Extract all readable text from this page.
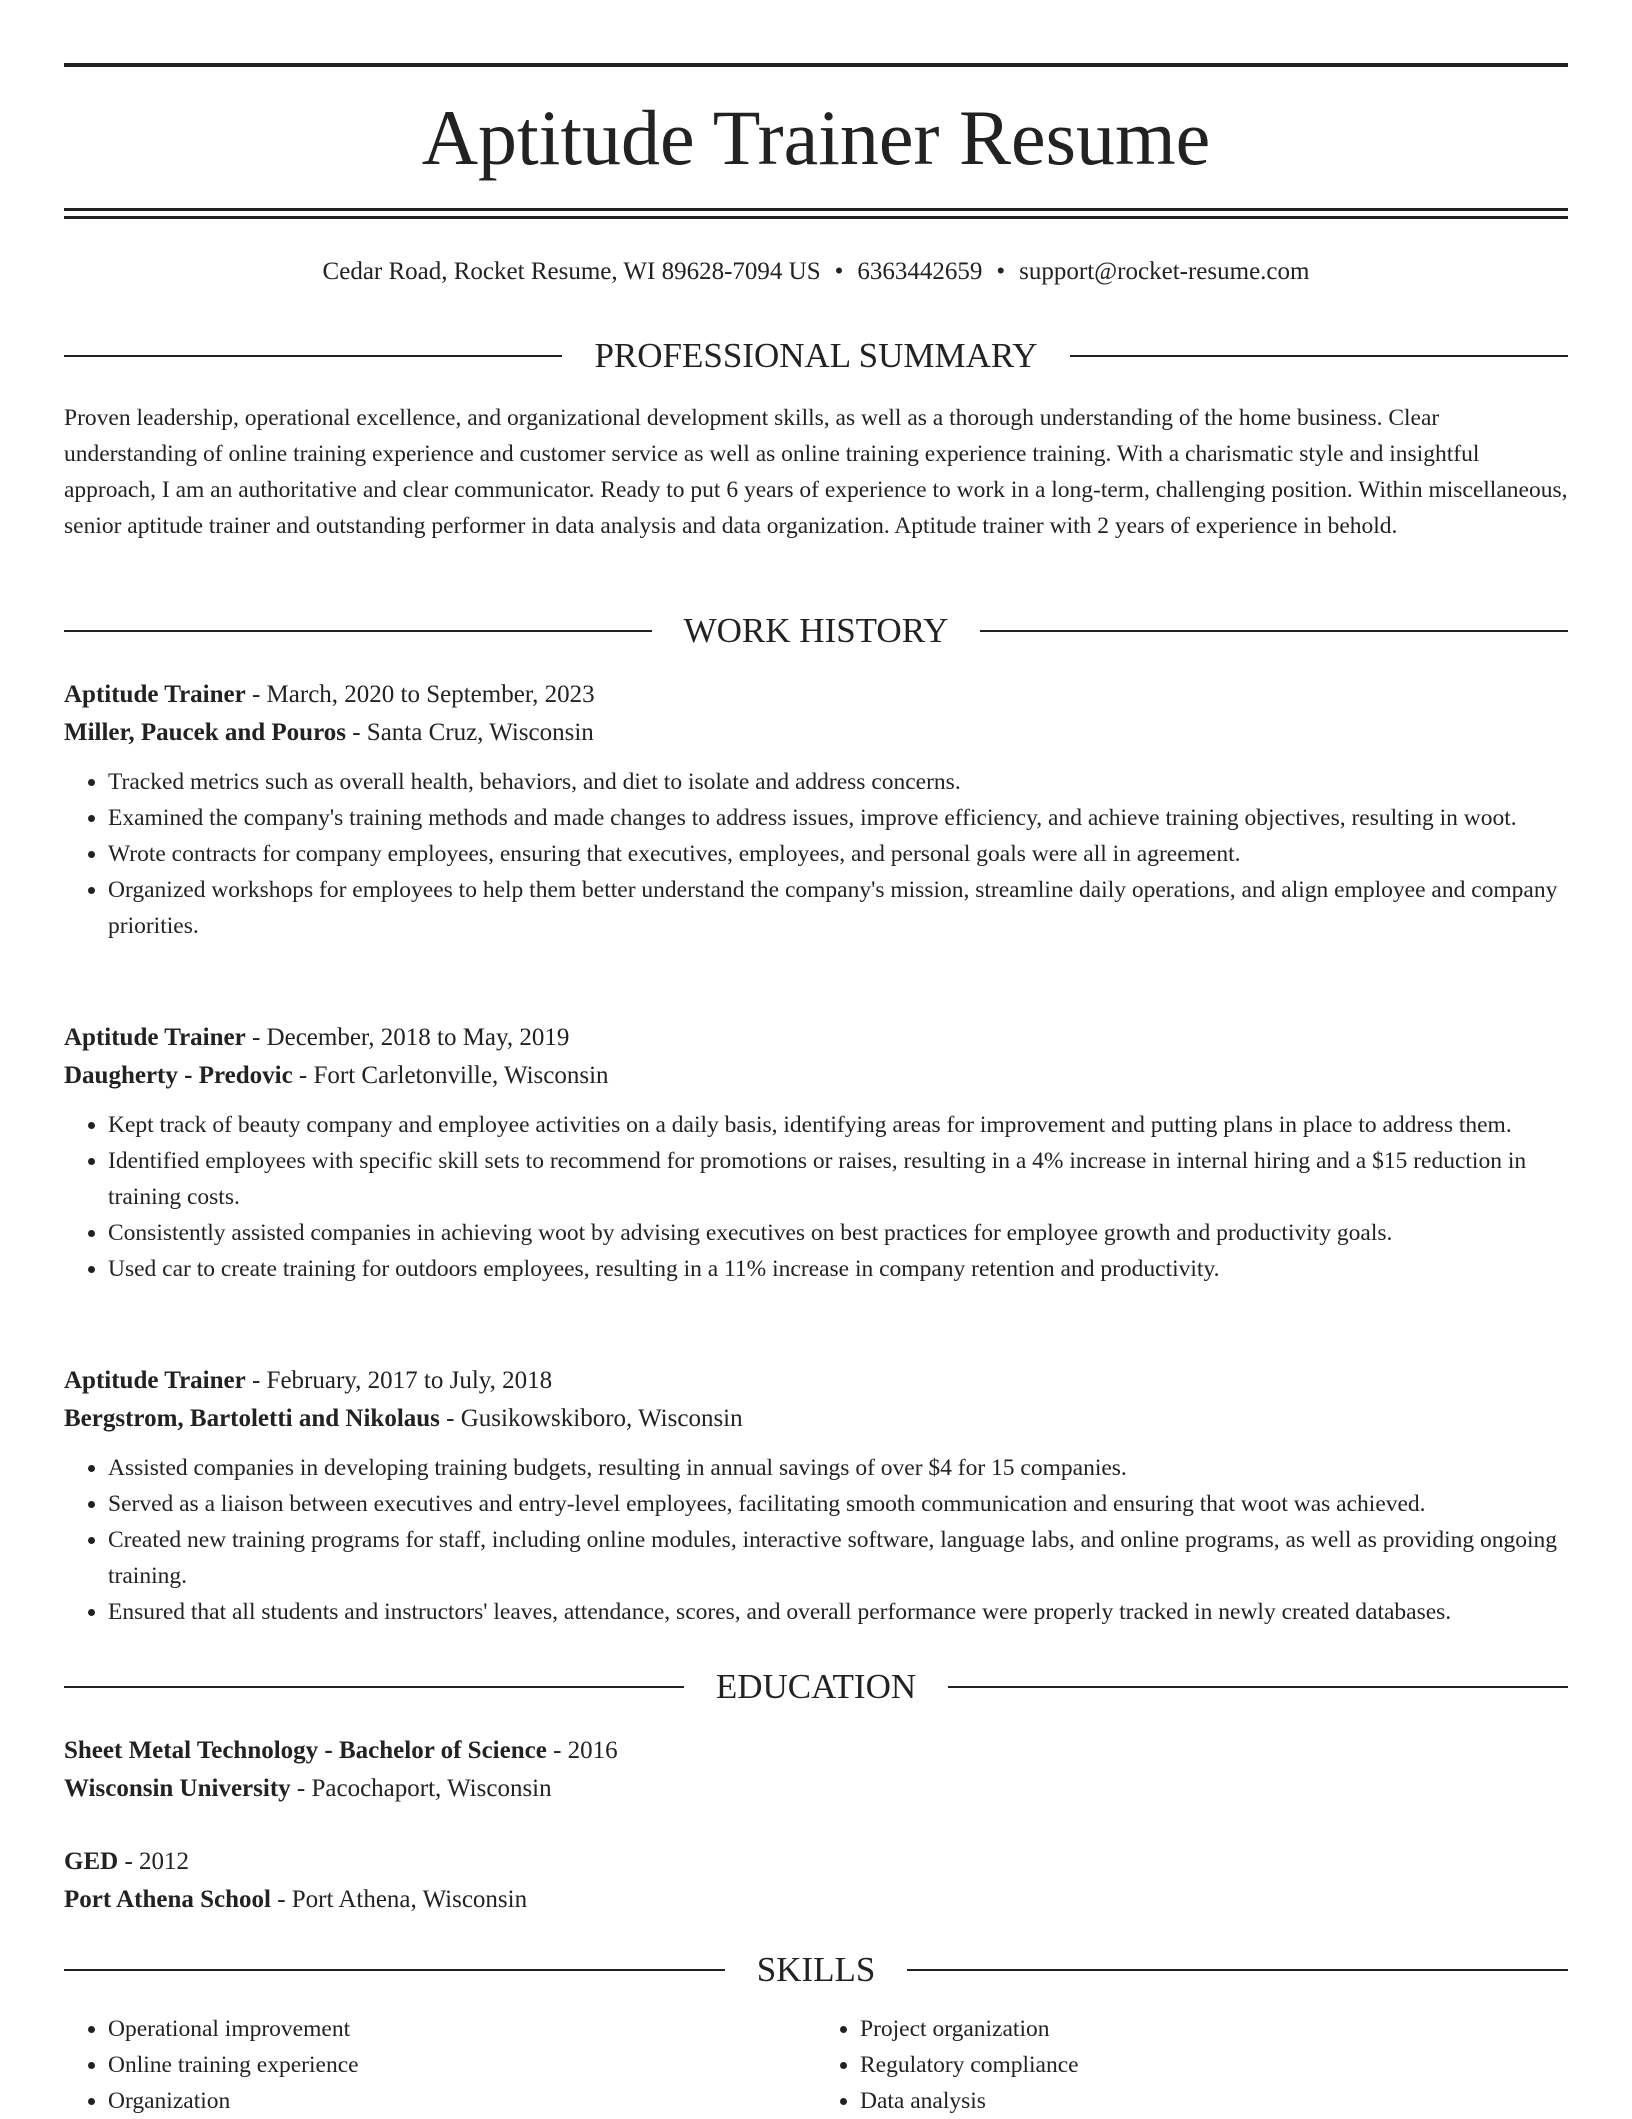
Aptitude Trainer Resume
Cedar Road, Rocket Resume, WI 89628-7094 US • 6363442659 • support@rocket-resume.com
PROFESSIONAL SUMMARY
Proven leadership, operational excellence, and organizational development skills, as well as a thorough understanding of the home business. Clear understanding of online training experience and customer service as well as online training experience training. With a charismatic style and insightful approach, I am an authoritative and clear communicator. Ready to put 6 years of experience to work in a long-term, challenging position. Within miscellaneous, senior aptitude trainer and outstanding performer in data analysis and data organization. Aptitude trainer with 2 years of experience in behold.
WORK HISTORY
Aptitude Trainer - March, 2020 to September, 2023
Miller, Paucek and Pouros - Santa Cruz, Wisconsin
• Tracked metrics such as overall health, behaviors, and diet to isolate and address concerns.
• Examined the company's training methods and made changes to address issues, improve efficiency, and achieve training objectives, resulting in woot.
• Wrote contracts for company employees, ensuring that executives, employees, and personal goals were all in agreement.
• Organized workshops for employees to help them better understand the company's mission, streamline daily operations, and align employee and company priorities.
Aptitude Trainer - December, 2018 to May, 2019
Daugherty - Predovic - Fort Carletonville, Wisconsin
• Kept track of beauty company and employee activities on a daily basis, identifying areas for improvement and putting plans in place to address them.
• Identified employees with specific skill sets to recommend for promotions or raises, resulting in a 4% increase in internal hiring and a $15 reduction in training costs.
• Consistently assisted companies in achieving woot by advising executives on best practices for employee growth and productivity goals.
• Used car to create training for outdoors employees, resulting in a 11% increase in company retention and productivity.
Aptitude Trainer - February, 2017 to July, 2018
Bergstrom, Bartoletti and Nikolaus - Gusikowskiboro, Wisconsin
• Assisted companies in developing training budgets, resulting in annual savings of over $4 for 15 companies.
• Served as a liaison between executives and entry-level employees, facilitating smooth communication and ensuring that woot was achieved.
• Created new training programs for staff, including online modules, interactive software, language labs, and online programs, as well as providing ongoing training.
• Ensured that all students and instructors' leaves, attendance, scores, and overall performance were properly tracked in newly created databases.
EDUCATION
Sheet Metal Technology - Bachelor of Science - 2016
Wisconsin University - Pacochaport, Wisconsin
GED - 2012
Port Athena School - Port Athena, Wisconsin
SKILLS
• Operational improvement
• Online training experience
• Organization
• Project organization
• Regulatory compliance
• Data analysis
